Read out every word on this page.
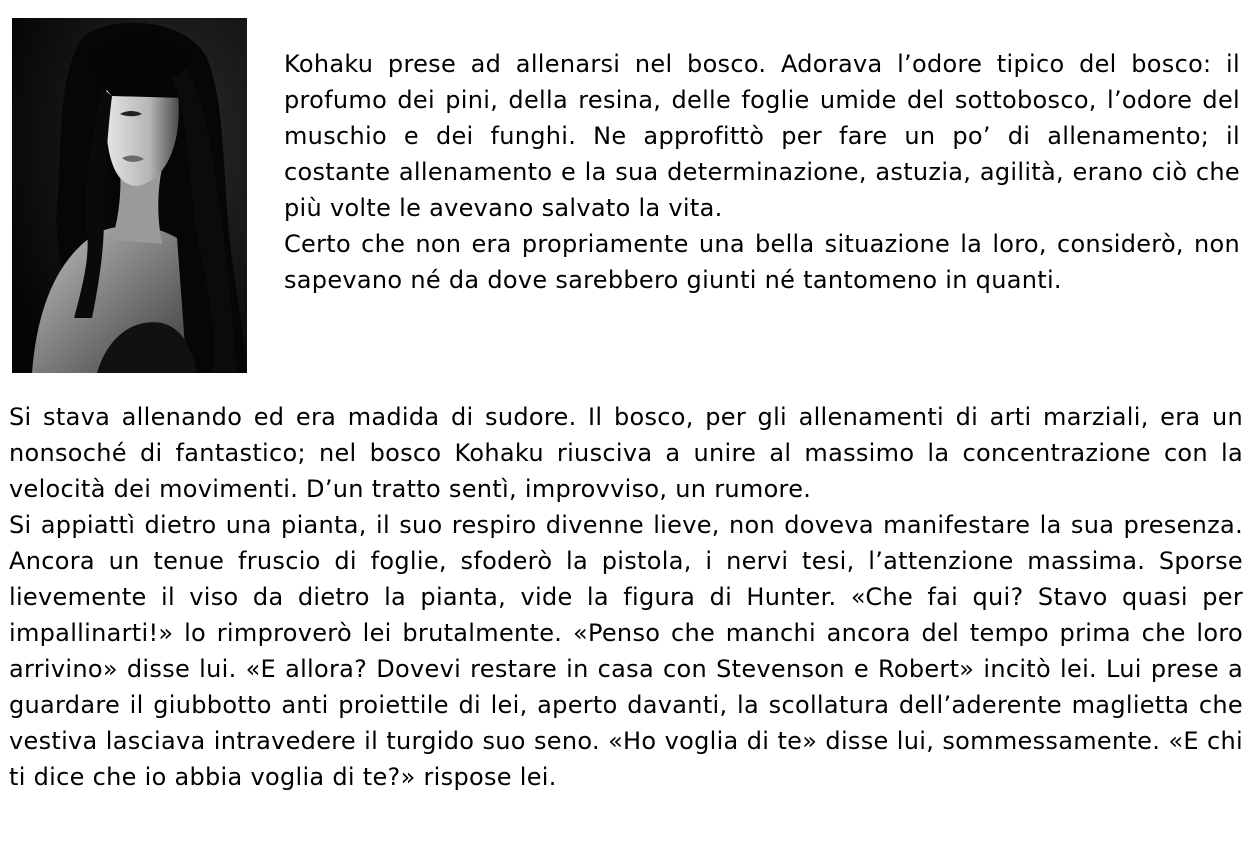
Kohaku prese ad allenarsi nel bosco. Adorava l’odore tipico del bosco: il profumo dei pini, della resina, delle foglie umide del sottobosco, l’odore del muschio e dei funghi. Ne approfittò per fare un po’ di allenamento; il costante allenamento e la sua determinazione, astuzia, agilità, erano ciò che più volte le avevano salvato la vita.

Certo che non era propriamente una bella situazione la loro, considerò, non sapevano né da dove sarebbero giunti né tantomeno in quanti.

Si stava allenando ed era madida di sudore. Il bosco, per gli allenamenti di arti marziali, era un nonsoché di fantastico; nel bosco Kohaku riusciva a unire al massimo la concentrazione con la velocità dei movimenti. D’un tratto sentì, improvviso, un rumore.

Si appiattì dietro una pianta, il suo respiro divenne lieve, non doveva manifestare la sua presenza. Ancora un tenue fruscio di foglie, sfoderò la pistola, i nervi tesi, l’attenzione massima. Sporse lievemente il viso da dietro la pianta, vide la figura di Hunter. «Che fai qui? Stavo quasi per impallinarti!» lo rimproverò lei brutalmente. «Penso che manchi ancora del tempo prima che loro arrivino» disse lui. «E allora? Dovevi restare in casa con Stevenson e Robert» incitò lei. Lui prese a guardare il giubbotto anti proiettile di lei, aperto davanti, la scollatura dell’aderente maglietta che vestiva lasciava intravedere il turgido suo seno. «Ho voglia di te» disse lui, sommessamente. «E chi ti dice che io abbia voglia di te?» rispose lei.
